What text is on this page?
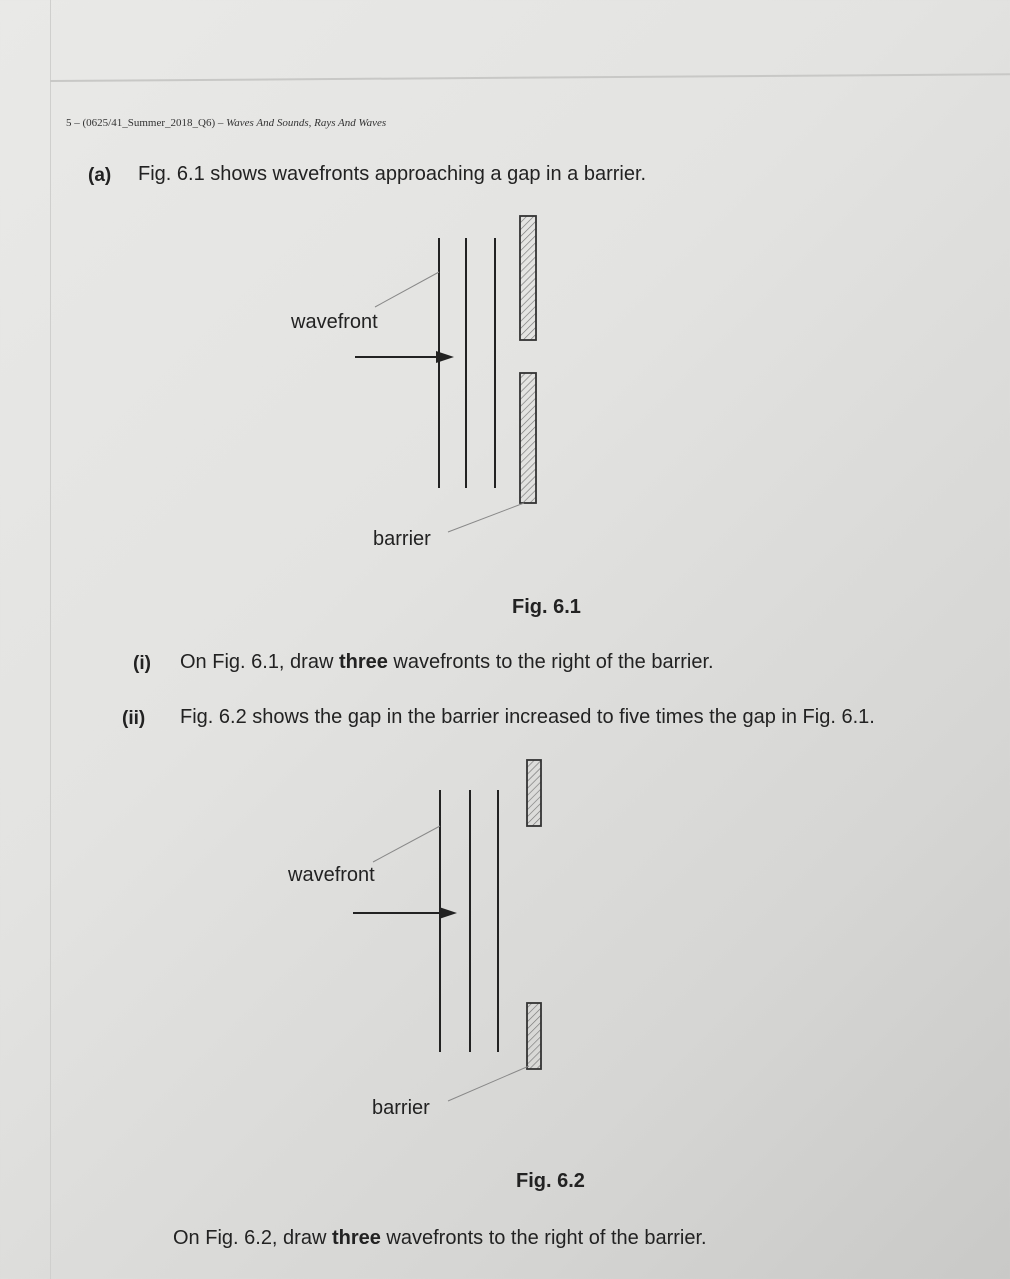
5 – (0625/41_Summer_2018_Q6) – Waves And Sounds, Rays And Waves
(a) Fig. 6.1 shows wavefronts approaching a gap in a barrier.
wavefront
barrier
Fig. 6.1
(i) On Fig. 6.1, draw three wavefronts to the right of the barrier.
(ii) Fig. 6.2 shows the gap in the barrier increased to five times the gap in Fig. 6.1.
wavefront
barrier
Fig. 6.2
On Fig. 6.2, draw three wavefronts to the right of the barrier.
